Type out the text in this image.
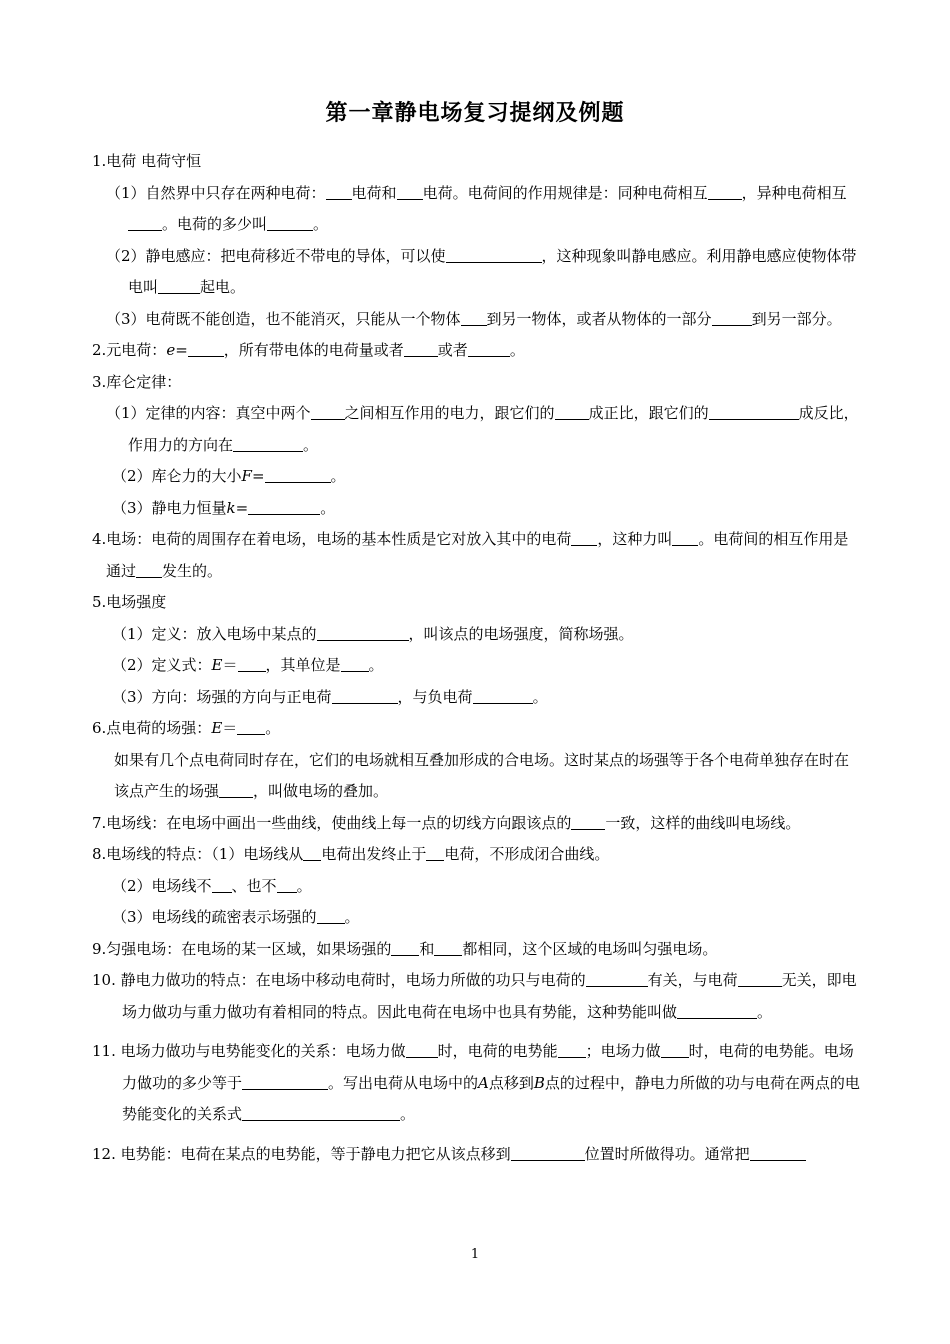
第一章静电场复习提纲及例题

1.电荷 电荷守恒

（1）自然界中只存在两种电荷： 电荷和 电荷。电荷间的作用规律是：同种电荷相互 ，异种电荷相互。电荷的多少叫	。

（2）静电感应：把电荷移近不带电的导体，可以使	，这种现象叫静电感应。利用静电感应使物体带电叫	起电。

（3）电荷既不能创造，也不能消灭，只能从一个物体 到另一物体，或者从物体的一部分	到另一部分。

2.元电荷：e= ，所有带电体的电荷量或者 或者	。

3.库仑定律：

（1）定律的内容：真空中两个 之间相互作用的电力，跟它们的 成正比，跟它们的	成反比，作用力的方向在	。

（2）库仑力的大小F=	。

（3）静电力恒量k=	。

4.电场：电荷的周围存在着电场，电场的基本性质是它对放入其中的电荷 ，这种力叫 。电荷间的相互作用是通过 发生的。

5.电场强度

（1）定义：放入电场中某点的	，叫该点的电场强度，简称场强。

（2）定义式：E＝ ，其单位是 。

（3）方向：场强的方向与正电荷	，与负电荷	。

6.点电荷的场强：E＝ 。

如果有几个点电荷同时存在，它们的电场就相互叠加形成的合电场。这时某点的场强等于各个电荷单独存在时在该点产生的场强 ，叫做电场的叠加。

7.电场线：在电场中画出一些曲线，使曲线上每一点的切线方向跟该点的 一致，这样的曲线叫电场线。

8.电场线的特点：（1）电场线从 电荷出发终止于 电荷，不形成闭合曲线。

（2）电场线不 、也不 。

（3）电场线的疏密表示场强的 。

9.匀强电场：在电场的某一区域，如果场强的 和 都相同，这个区域的电场叫匀强电场。

10. 静电力做功的特点：在电场中移动电荷时，电场力所做的功只与电荷的	有关，与电荷	无关，即电场力做功与重力做功有着相同的特点。因此电荷在电场中也具有势能，这种势能叫做	。

11. 电场力做功与电势能变化的关系：电场力做 时，电荷的电势能 ；电场力做 时，电荷的电势能。电场力做功的多少等于	。写出电荷从电场中的A点移到B点的过程中，静电力所做的功与电荷在两点的电势能变化的关系式	。

12. 电势能：电荷在某点的电势能，等于静电力把它从该点移到	位置时所做得功。通常把

1
